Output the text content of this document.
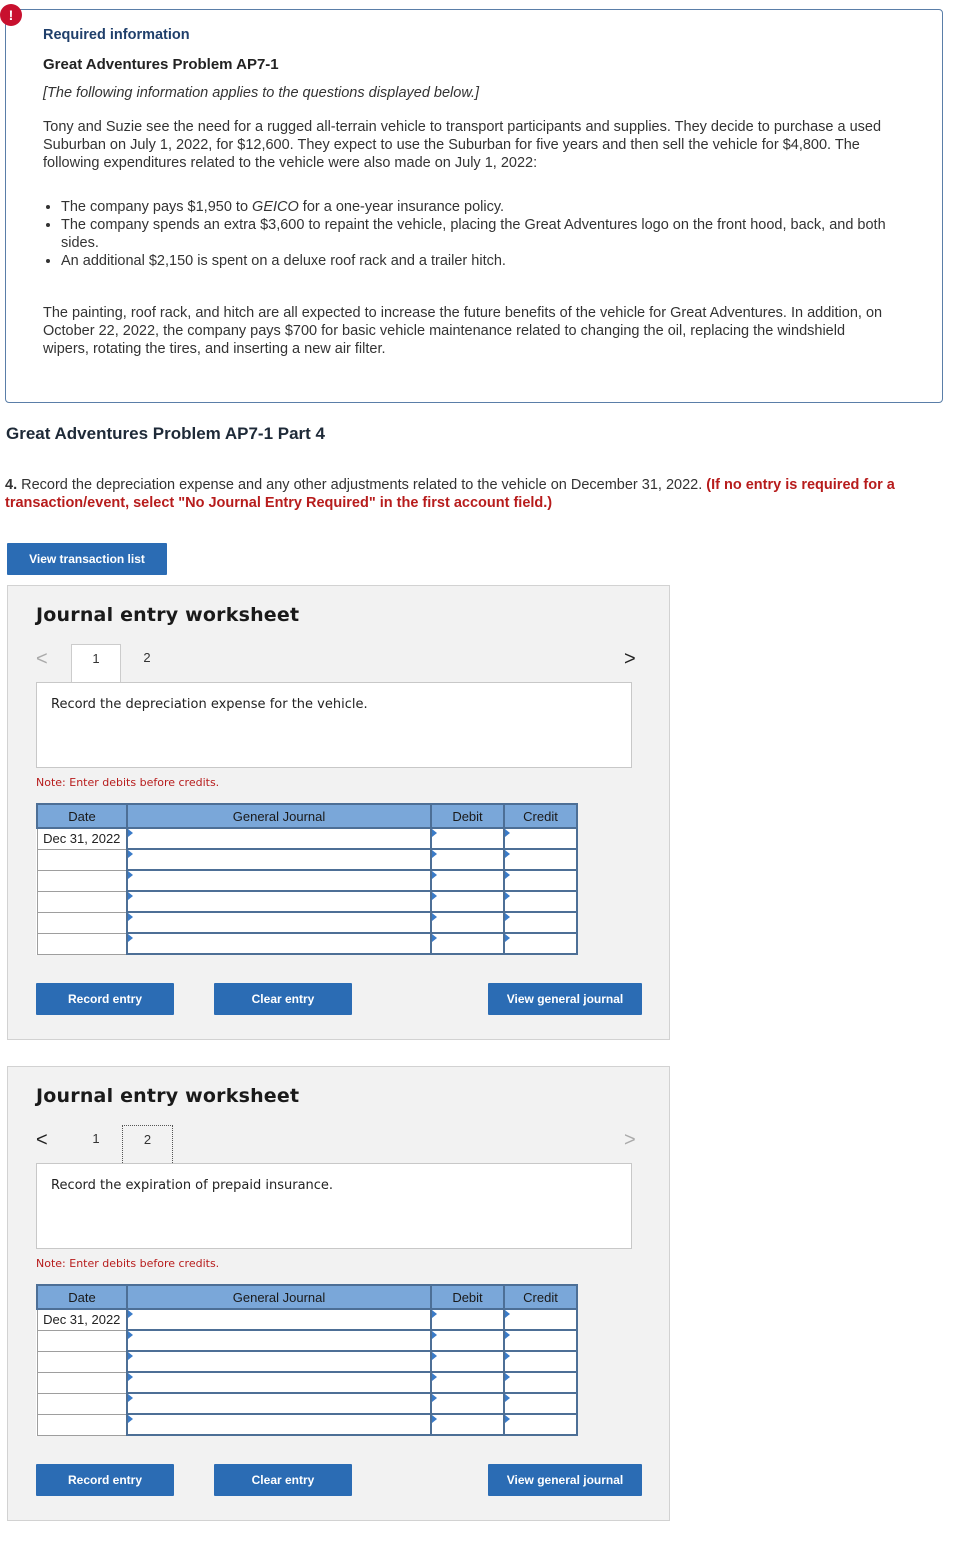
!
Required information
Great Adventures Problem AP7-1
[The following information applies to the questions displayed below.]
Tony and Suzie see the need for a rugged all-terrain vehicle to transport participants and supplies. They decide to purchase a used Suburban on July 1, 2022, for $12,600. They expect to use the Suburban for five years and then sell the vehicle for $4,800. The following expenditures related to the vehicle were also made on July 1, 2022:
• The company pays $1,950 to GEICO for a one-year insurance policy.
• The company spends an extra $3,600 to repaint the vehicle, placing the Great Adventures logo on the front hood, back, and both sides.
• An additional $2,150 is spent on a deluxe roof rack and a trailer hitch.
The painting, roof rack, and hitch are all expected to increase the future benefits of the vehicle for Great Adventures. In addition, on October 22, 2022, the company pays $700 for basic vehicle maintenance related to changing the oil, replacing the windshield wipers, rotating the tires, and inserting a new air filter.
Great Adventures Problem AP7-1 Part 4
4. Record the depreciation expense and any other adjustments related to the vehicle on December 31, 2022. (If no entry is required for a transaction/event, select "No Journal Entry Required" in the first account field.)
View transaction list
Journal entry worksheet
<	1	2	>
Record the depreciation expense for the vehicle.
Note: Enter debits before credits.
Date	General Journal	Debit	Credit
Dec 31, 2022			

Record entry	Clear entry	View general journal
Journal entry worksheet
<	1	2	>
Record the expiration of prepaid insurance.
Note: Enter debits before credits.
Date	General Journal	Debit	Credit
Dec 31, 2022			

Record entry	Clear entry	View general journal
